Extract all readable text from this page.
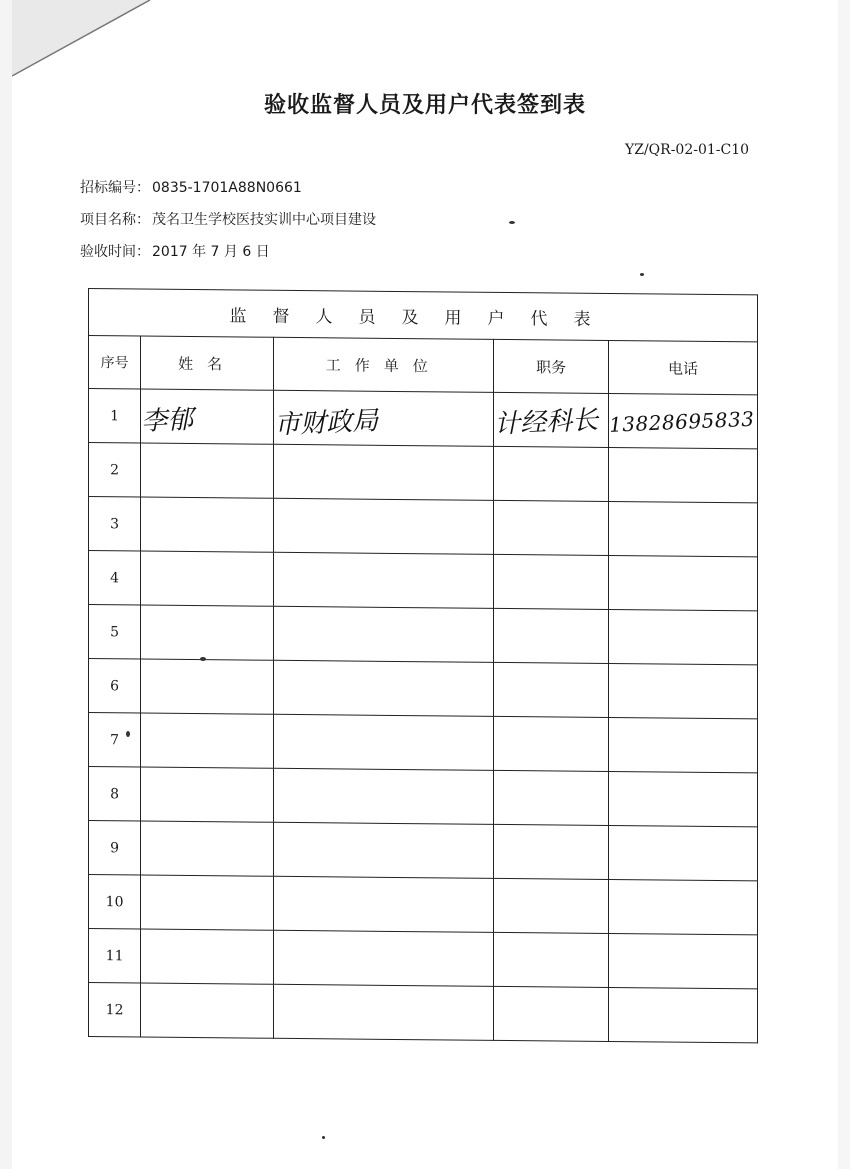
验收监督人员及用户代表签到表
YZ/QR-02-01-C10
招标编号： 0835-1701A88N0661
项目名称： 茂名卫生学校医技实训中心项目建设
验收时间： 2017 年 7 月 6 日
监督人员及用户代表				
序号	姓名	工作单位	职务	电话
1	李郁	市财政局	计经科长	13828695833

2				
3				
4				
5				
6				
7				
8				
9				
10				
11				
12				
